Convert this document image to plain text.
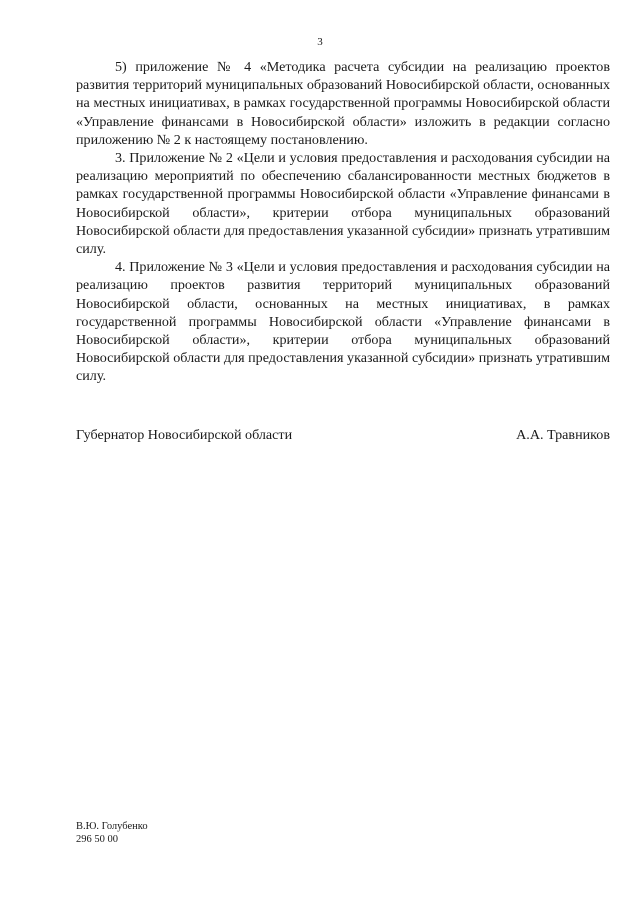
3

5) приложение № 4 «Методика расчета субсидии на реализацию проектов развития территорий муниципальных образований Новосибирской области, основанных на местных инициативах, в рамках государственной программы Новосибирской области «Управление финансами в Новосибирской области» изложить в редакции согласно приложению № 2 к настоящему постановлению.

3. Приложение № 2 «Цели и условия предоставления и расходования субсидии на реализацию мероприятий по обеспечению сбалансированности местных бюджетов в рамках государственной программы Новосибирской области «Управление финансами в Новосибирской области», критерии отбора муниципальных образований Новосибирской области для предоставления указанной субсидии» признать утратившим силу.

4. Приложение № 3 «Цели и условия предоставления и расходования субсидии на реализацию проектов развития территорий муниципальных образований Новосибирской области, основанных на местных инициативах, в рамках государственной программы Новосибирской области «Управление финансами в Новосибирской области», критерии отбора муниципальных образований Новосибирской области для предоставления указанной субсидии» признать утратившим силу.

Губернатор Новосибирской области	А.А. Травников
В.Ю. Голубенко
296 50 00
